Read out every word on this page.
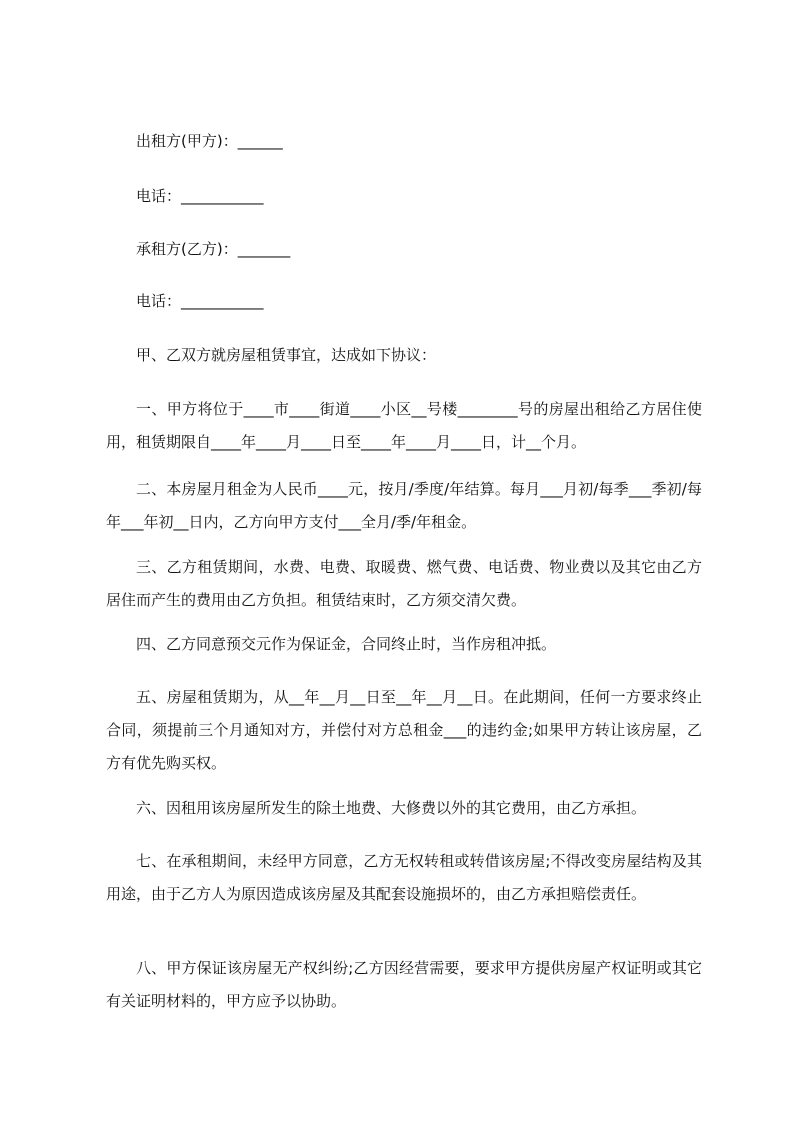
出租方(甲方)：______
电话：___________
承租方(乙方)：_______
电话：___________
甲、乙双方就房屋租赁事宜，达成如下协议：
一、甲方将位于____市____街道____小区__号楼________号的房屋出租给乙方居住使用，租赁期限自____年____月____日至____年____月____日，计__个月。
二、本房屋月租金为人民币____元，按月/季度/年结算。每月___月初/每季___季初/每年___年初__日内，乙方向甲方支付___全月/季/年租金。
三、乙方租赁期间，水费、电费、取暖费、燃气费、电话费、物业费以及其它由乙方居住而产生的费用由乙方负担。租赁结束时，乙方须交清欠费。
四、乙方同意预交元作为保证金，合同终止时，当作房租冲抵。
五、房屋租赁期为，从__年__月__日至__年__月__日。在此期间，任何一方要求终止合同，须提前三个月通知对方，并偿付对方总租金___的违约金;如果甲方转让该房屋，乙方有优先购买权。
六、因租用该房屋所发生的除土地费、大修费以外的其它费用，由乙方承担。
七、在承租期间，未经甲方同意，乙方无权转租或转借该房屋;不得改变房屋结构及其用途，由于乙方人为原因造成该房屋及其配套设施损坏的，由乙方承担赔偿责任。
八、甲方保证该房屋无产权纠纷;乙方因经营需要，要求甲方提供房屋产权证明或其它有关证明材料的，甲方应予以协助。
